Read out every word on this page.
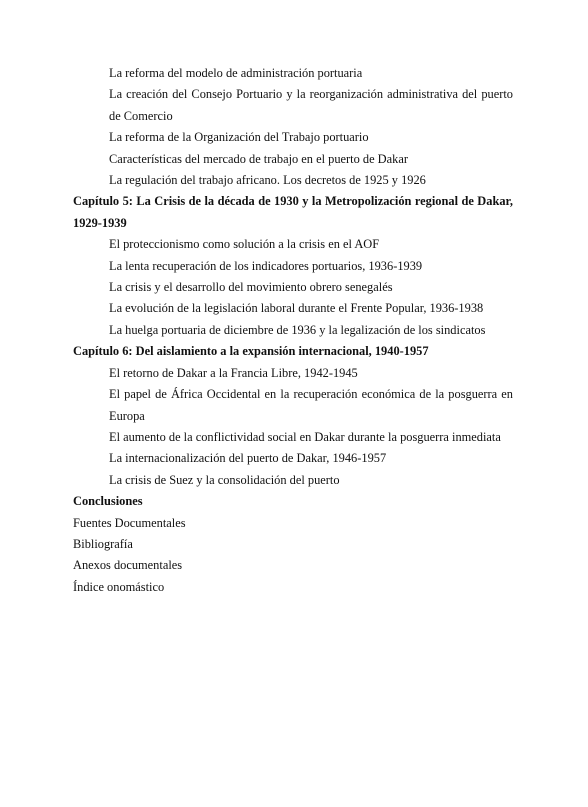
La reforma del modelo de administración portuaria
La creación del Consejo Portuario y la reorganización administrativa del puerto
de Comercio
La reforma de la Organización del Trabajo portuario
Características del mercado de trabajo en el puerto de Dakar
La regulación del trabajo africano. Los decretos de 1925 y 1926
Capítulo 5: La Crisis de la década de 1930 y la Metropolización regional de Dakar,
1929-1939
El proteccionismo como solución a la crisis en el AOF
La lenta recuperación de los indicadores portuarios, 1936-1939
La crisis y el desarrollo del movimiento obrero senegalés
La evolución de la legislación laboral durante el Frente Popular, 1936-1938
La huelga portuaria de diciembre de 1936 y la legalización de los sindicatos
Capítulo 6: Del aislamiento a la expansión internacional, 1940-1957
El retorno de Dakar a la Francia Libre, 1942-1945
El papel de África Occidental en la recuperación económica de la posguerra en
Europa
El aumento de la conflictividad social en Dakar durante la posguerra inmediata
La internacionalización del puerto de Dakar, 1946-1957
La crisis de Suez y la consolidación del puerto
Conclusiones
Fuentes Documentales
Bibliografía
Anexos documentales
Índice onomástico
